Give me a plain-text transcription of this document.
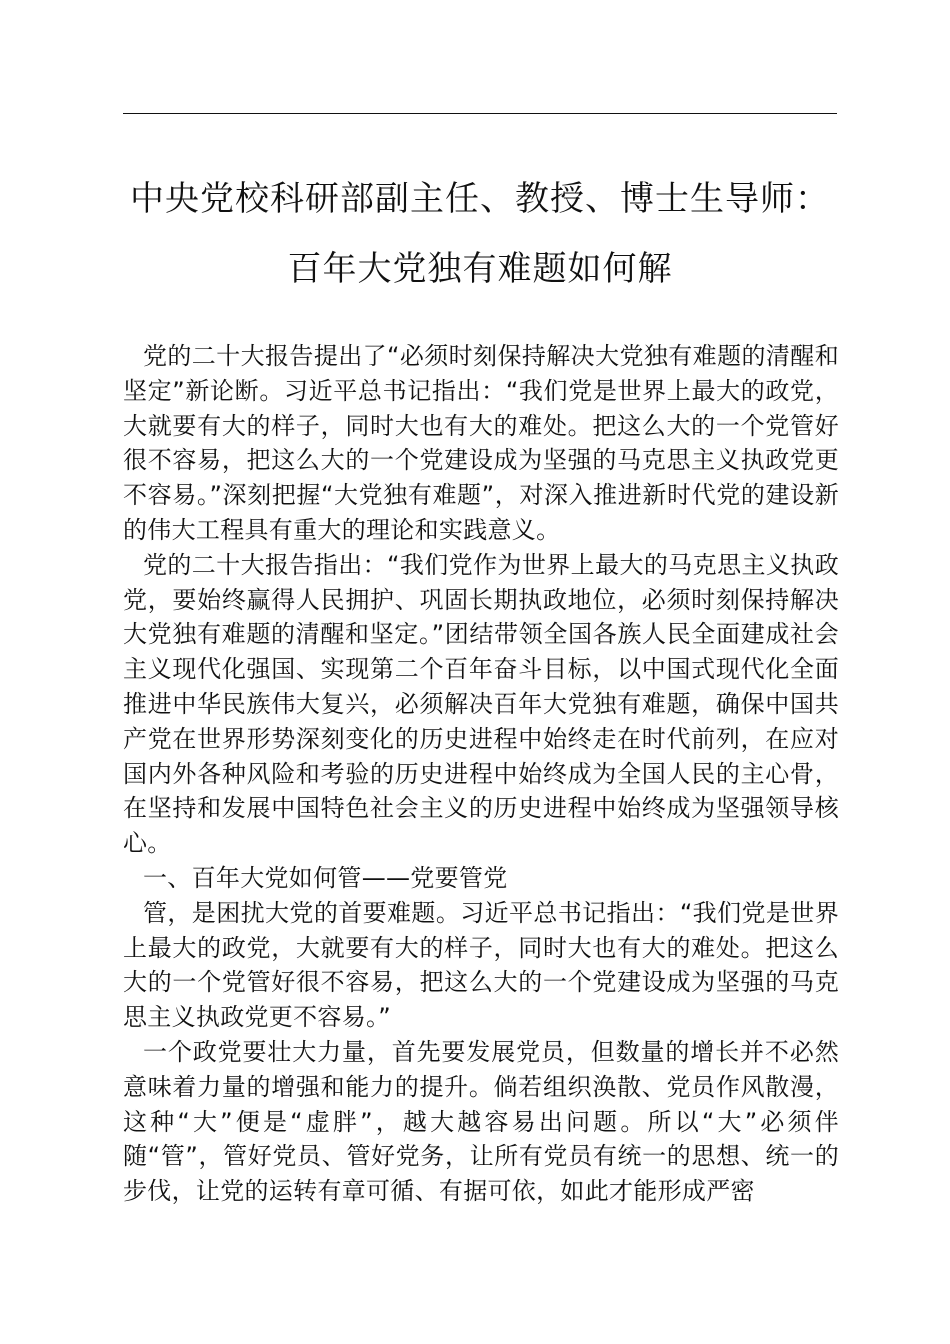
中央党校科研部副主任、教授、博士生导师：
百年大党独有难题如何解

党的二十大报告提出了“必须时刻保持解决大党独有难题的清醒和坚定”新论断。习近平总书记指出：“我们党是世界上最大的政党，大就要有大的样子，同时大也有大的难处。把这么大的一个党管好很不容易，把这么大的一个党建设成为坚强的马克思主义执政党更不容易。”深刻把握“大党独有难题”，对深入推进新时代党的建设新的伟大工程具有重大的理论和实践意义。

党的二十大报告指出：“我们党作为世界上最大的马克思主义执政党，要始终赢得人民拥护、巩固长期执政地位，必须时刻保持解决大党独有难题的清醒和坚定。”团结带领全国各族人民全面建成社会主义现代化强国、实现第二个百年奋斗目标，以中国式现代化全面推进中华民族伟大复兴，必须解决百年大党独有难题，确保中国共产党在世界形势深刻变化的历史进程中始终走在时代前列，在应对国内外各种风险和考验的历史进程中始终成为全国人民的主心骨，在坚持和发展中国特色社会主义的历史进程中始终成为坚强领导核心。

一、百年大党如何管——党要管党

管，是困扰大党的首要难题。习近平总书记指出：“我们党是世界上最大的政党，大就要有大的样子，同时大也有大的难处。把这么大的一个党管好很不容易，把这么大的一个党建设成为坚强的马克思主义执政党更不容易。”

一个政党要壮大力量，首先要发展党员，但数量的增长并不必然意味着力量的增强和能力的提升。倘若组织涣散、党员作风散漫，这种“大”便是“虚胖”，越大越容易出问题。所以“大”必须伴随“管”，管好党员、管好党务，让所有党员有统一的思想、统一的步伐，让党的运转有章可循、有据可依，如此才能形成严密
